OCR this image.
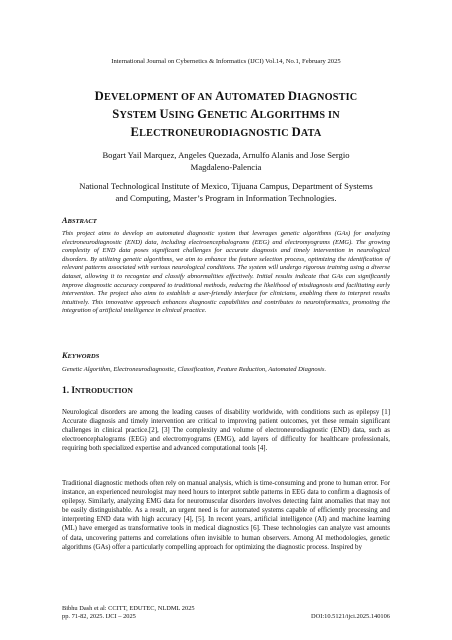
International Journal on Cybernetics & Informatics (IJCI) Vol.14, No.1, February 2025
DEVELOPMENT OF AN AUTOMATED DIAGNOSTIC
SYSTEM USING GENETIC ALGORITHMS IN
ELECTRONEURODIAGNOSTIC DATA
Bogart Yail Marquez, Angeles Quezada, Arnulfo Alanis and Jose Sergio
Magdaleno-Palencia
National Technological Institute of Mexico, Tijuana Campus, Department of Systems
and Computing, Master’s Program in Information Technologies.
ABSTRACT
This project aims to develop an automated diagnostic system that leverages genetic algorithms (GAs) for analyzing electroneurodiagnostic (END) data, including electroencephalograms (EEG) and electromyograms (EMG). The growing complexity of END data poses significant challenges for accurate diagnosis and timely intervention in neurological disorders. By utilizing genetic algorithms, we aim to enhance the feature selection process, optimizing the identification of relevant patterns associated with various neurological conditions. The system will undergo rigorous training using a diverse dataset, allowing it to recognize and classify abnormalities effectively. Initial results indicate that GAs can significantly improve diagnostic accuracy compared to traditional methods, reducing the likelihood of misdiagnosis and facilitating early intervention. The project also aims to establish a user-friendly interface for clinicians, enabling them to interpret results intuitively. This innovative approach enhances diagnostic capabilities and contributes to neuroinformatics, promoting the integration of artificial intelligence in clinical practice.
KEYWORDS
Genetic Algorithm, Electroneurodiagnostic, Classification, Feature Reduction, Automated Diagnosis.
1. INTRODUCTION
Neurological disorders are among the leading causes of disability worldwide, with conditions such as epilepsy [1] Accurate diagnosis and timely intervention are critical to improving patient outcomes, yet these remain significant challenges in clinical practice.[2], [3] The complexity and volume of electroneurodiagnostic (END) data, such as electroencephalograms (EEG) and electromyograms (EMG), add layers of difficulty for healthcare professionals, requiring both specialized expertise and advanced computational tools [4].
Traditional diagnostic methods often rely on manual analysis, which is time-consuming and prone to human error. For instance, an experienced neurologist may need hours to interpret subtle patterns in EEG data to confirm a diagnosis of epilepsy. Similarly, analyzing EMG data for neuromuscular disorders involves detecting faint anomalies that may not be easily distinguishable. As a result, an urgent need is for automated systems capable of efficiently processing and interpreting END data with high accuracy [4], [5]. In recent years, artificial intelligence (AI) and machine learning (ML) have emerged as transformative tools in medical diagnostics [6]. These technologies can analyze vast amounts of data, uncovering patterns and correlations often invisible to human observers. Among AI methodologies, genetic algorithms (GAs) offer a particularly compelling approach for optimizing the diagnostic process. Inspired by
Bibhu Dash et al: CCITT, EDUTEC, NLDML 2025
pp. 71-82, 2025. IJCI – 2025	DOI:10.5121/ijci.2025.140106
